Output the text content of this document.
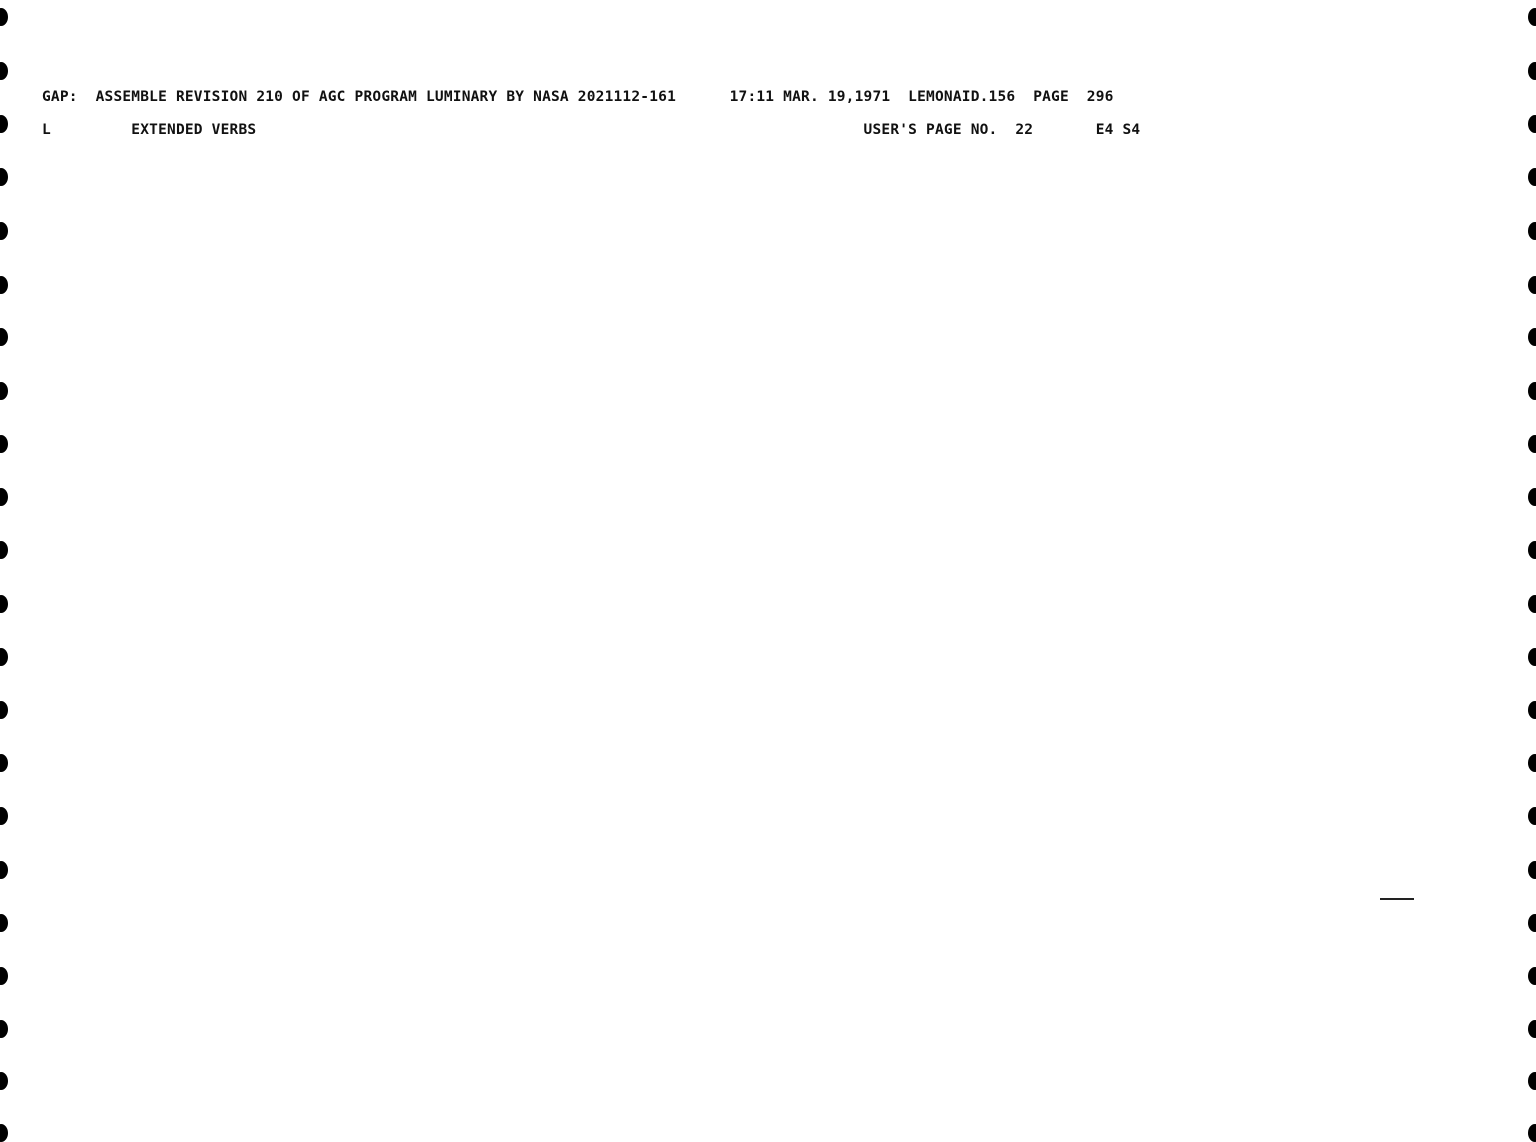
GAP:  ASSEMBLE REVISION 210 OF AGC PROGRAM LUMINARY BY NASA 2021112-161      17:11 MAR. 19,1971  LEMONAID.156  PAGE  296
L         EXTENDED VERBS                                                                    USER'S PAGE NO.  22       E4 S4
